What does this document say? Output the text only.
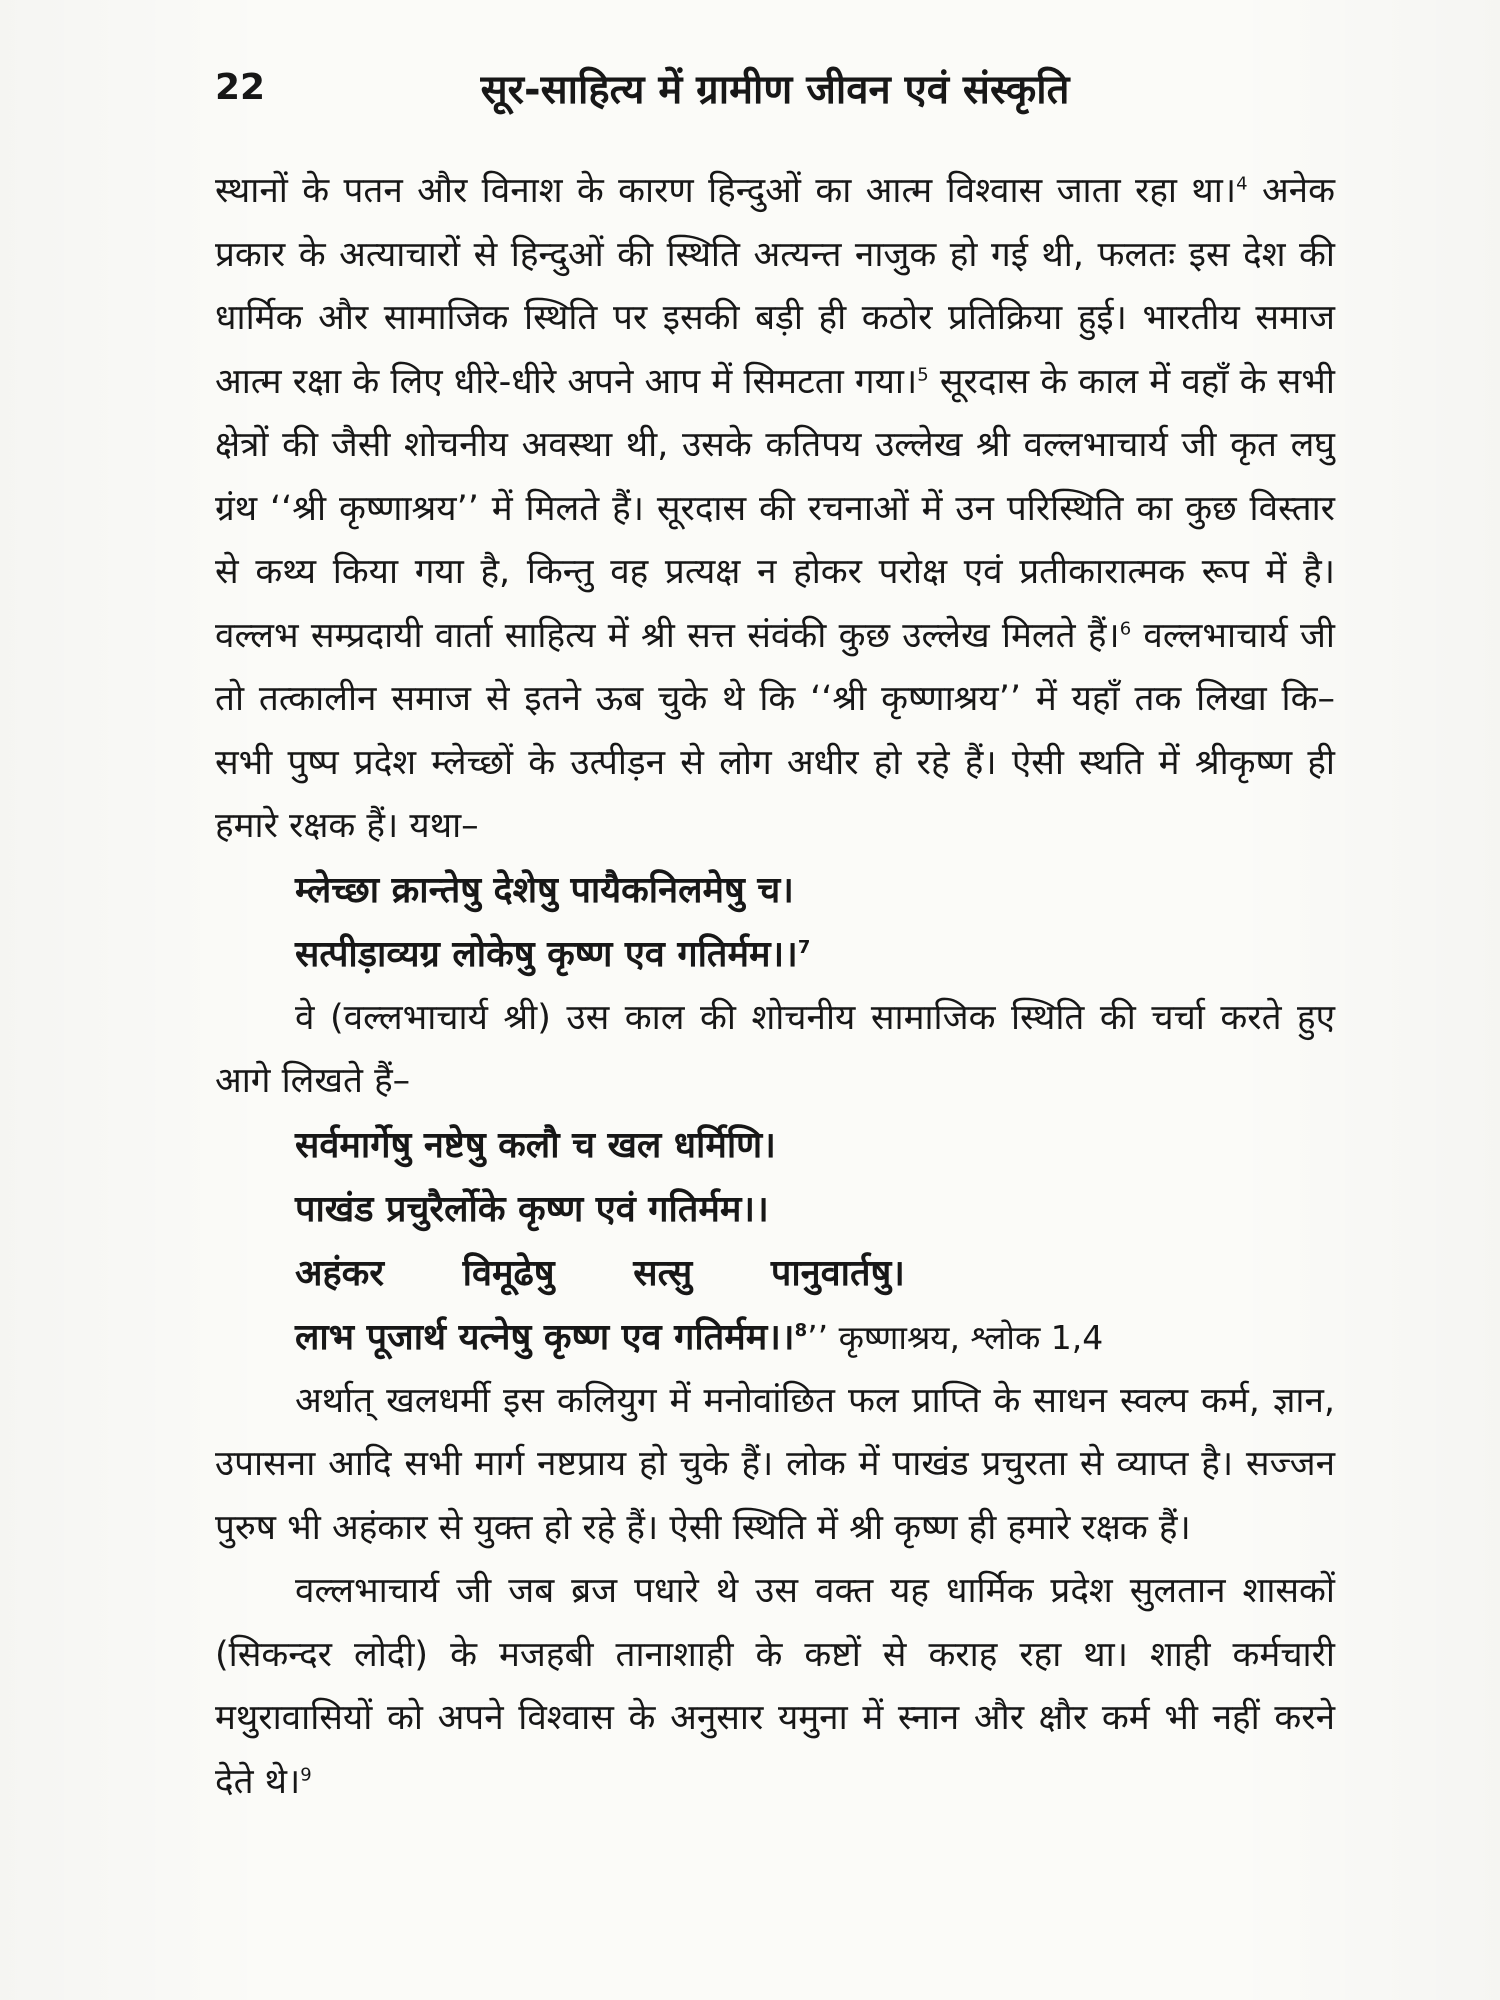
22	सूर-साहित्य में ग्रामीण जीवन एवं संस्कृति

स्थानों के पतन और विनाश के कारण हिन्दुओं का आत्म विश्वास जाता रहा था।$^4$ अनेक प्रकार के अत्याचारों से हिन्दुओं की स्थिति अत्यन्त नाजुक हो गई थी, फलतः इस देश की धार्मिक और सामाजिक स्थिति पर इसकी बड़ी ही कठोर प्रतिक्रिया हुई। भारतीय समाज आत्म रक्षा के लिए धीरे-धीरे अपने आप में सिमटता गया।$^5$ सूरदास के काल में वहाँ के सभी क्षेत्रों की जैसी शोचनीय अवस्था थी, उसके कतिपय उल्लेख श्री वल्लभाचार्य जी कृत लघु ग्रंथ ‘‘श्री कृष्णाश्रय’’ में मिलते हैं। सूरदास की रचनाओं में उन परिस्थिति का कुछ विस्तार से कथ्य किया गया है, किन्तु वह प्रत्यक्ष न होकर परोक्ष एवं प्रतीकारात्मक रूप में है। वल्लभ सम्प्रदायी वार्ता साहित्य में श्री सत्त संवंकी कुछ उल्लेख मिलते हैं।$^6$ वल्लभाचार्य जी तो तत्कालीन समाज से इतने ऊब चुके थे कि ‘‘श्री कृष्णाश्रय’’ में यहाँ तक लिखा कि–सभी पुष्प प्रदेश म्लेच्छों के उत्पीड़न से लोग अधीर हो रहे हैं। ऐसी स्थति में श्रीकृष्ण ही हमारे रक्षक हैं। यथा–

म्लेच्छा क्रान्तेषु देशेषु पायैकनिलमेषु च।
सत्पीड़ाव्यग्र लोकेषु कृष्ण एव गतिर्मम।।$^7$

वे (वल्लभाचार्य श्री) उस काल की शोचनीय सामाजिक स्थिति की चर्चा करते हुए आगे लिखते हैं–

सर्वमार्गेषु नष्टेषु कलौ च खल धर्मिणि।
पाखंड प्रचुरैर्लोके कृष्ण एवं गतिर्मम।।
अहंकर विमूढेषु सत्सु पानुवार्तषु।
लाभ पूजार्थ यत्नेषु कृष्ण एव गतिर्मम।।$^8$’’ कृष्णाश्रय, श्लोक 1,4

अर्थात् खलधर्मी इस कलियुग में मनोवांछित फल प्राप्ति के साधन स्वल्प कर्म, ज्ञान, उपासना आदि सभी मार्ग नष्टप्राय हो चुके हैं। लोक में पाखंड प्रचुरता से व्याप्त है। सज्जन पुरुष भी अहंकार से युक्त हो रहे हैं। ऐसी स्थिति में श्री कृष्ण ही हमारे रक्षक हैं।

वल्लभाचार्य जी जब ब्रज पधारे थे उस वक्त यह धार्मिक प्रदेश सुलतान शासकों (सिकन्दर लोदी) के मजहबी तानाशाही के कष्टों से कराह रहा था। शाही कर्मचारी मथुरावासियों को अपने विश्वास के अनुसार यमुना में स्नान और क्षौर कर्म भी नहीं करने देते थे।$^9$
